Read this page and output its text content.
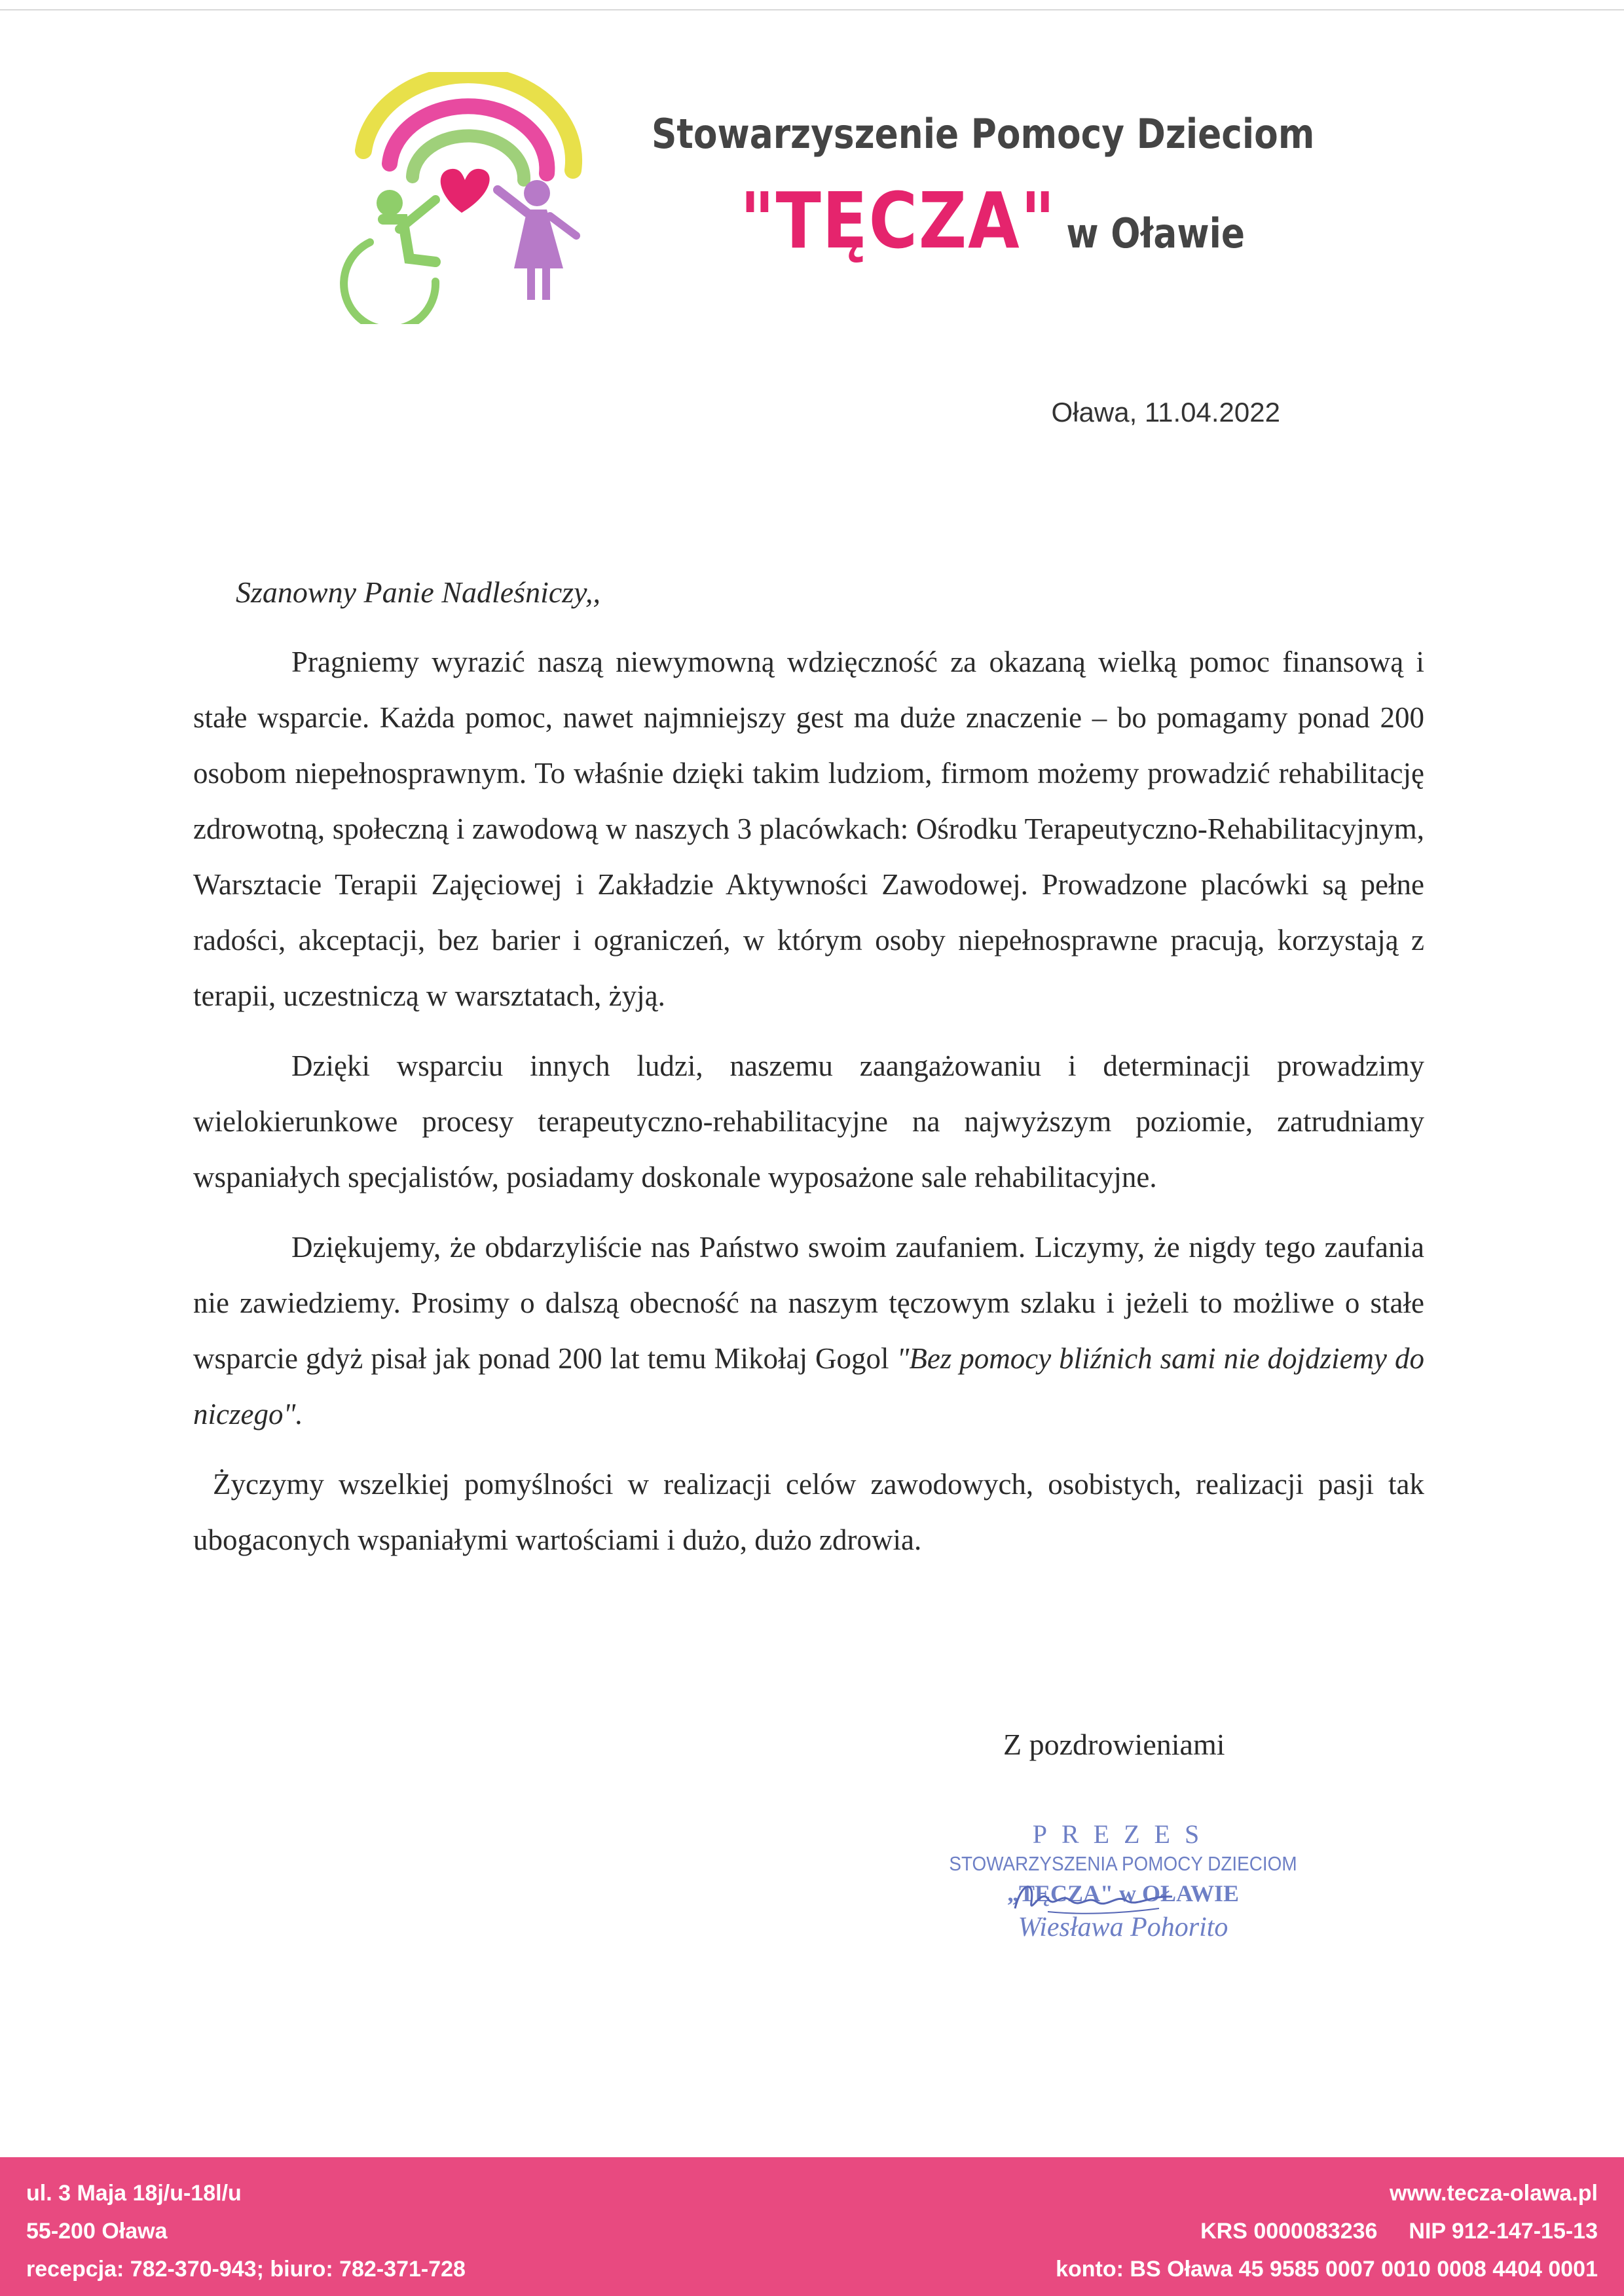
Stowarzyszenie Pomocy Dzieciom
"TĘCZA" w Oławie
Oława, 11.04.2022
Szanowny Panie Nadleśniczy,,

Pragniemy wyrazić naszą niewymowną wdzięczność za okazaną wielką pomoc finansową i stałe wsparcie. Każda pomoc, nawet najmniejszy gest ma duże znaczenie – bo pomagamy ponad 200 osobom niepełnosprawnym. To właśnie dzięki takim ludziom, firmom możemy prowadzić rehabilitację zdrowotną, społeczną i zawodową w naszych 3 placówkach: Ośrodku Terapeutyczno-Rehabilitacyjnym, Warsztacie Terapii Zajęciowej i Zakładzie Aktywności Zawodowej. Prowadzone placówki są pełne radości, akceptacji, bez barier i ograniczeń, w którym osoby niepełnosprawne pracują, korzystają z terapii, uczestniczą w warsztatach, żyją.

Dzięki wsparciu innych ludzi, naszemu zaangażowaniu i determinacji prowadzimy wielokierunkowe procesy terapeutyczno-rehabilitacyjne na najwyższym poziomie, zatrudniamy wspaniałych specjalistów, posiadamy doskonale wyposażone sale rehabilitacyjne.

Dziękujemy, że obdarzyliście nas Państwo swoim zaufaniem. Liczymy, że nigdy tego zaufania nie zawiedziemy. Prosimy o dalszą obecność na naszym tęczowym szlaku i jeżeli to możliwe o stałe wsparcie gdyż pisał jak ponad 200 lat temu Mikołaj Gogol "Bez pomocy bliźnich sami nie dojdziemy do niczego".

Życzymy wszelkiej pomyślności w realizacji celów zawodowych, osobistych, realizacji pasji tak ubogaconych wspaniałymi wartościami i dużo, dużo zdrowia.

Z pozdrowieniami
PREZES
STOWARZYSZENIA POMOCY DZIECIOM
„TĘCZA" w OŁAWIE
Wiesława Pohorito
ul. 3 Maja 18j/u-18l/u
55-200 Oława
recepcja: 782-370-943; biuro: 782-371-728
www.tecza-olawa.pl
KRS 0000083236 NIP 912-147-15-13
konto: BS Oława 45 9585 0007 0010 0008 4404 0001
